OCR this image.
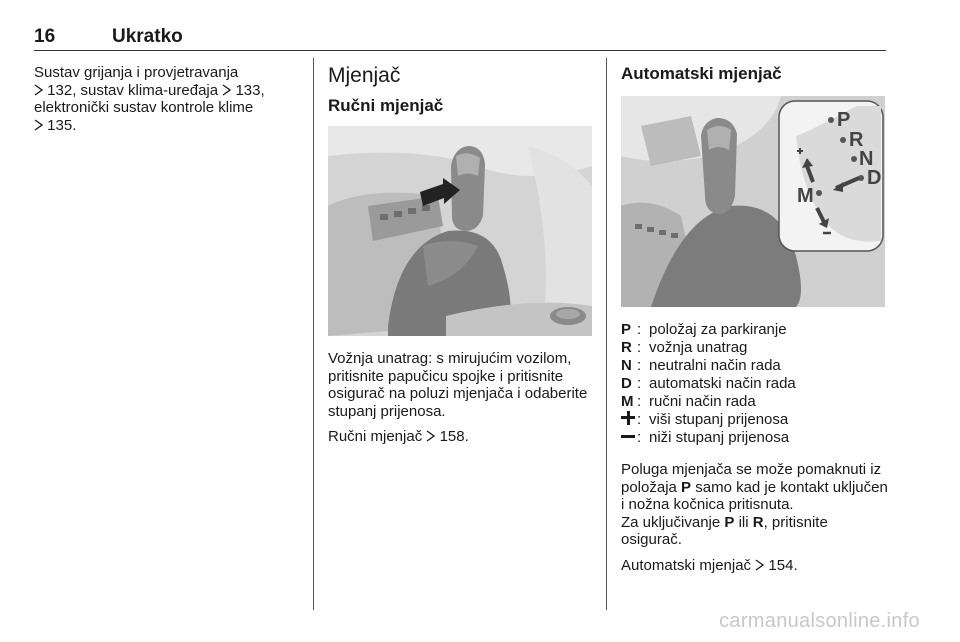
16	Ukratko

Sustav grijanja i provjetravanja
132, sustav klima-uređaja 133, elektronički sustav kontrole klime
135.

Mjenjač
Ručni mjenjač

Vožnja unatrag: s mirujućim vozilom, pritisnite papučicu spojke i pritisnite osigurač na poluzi mjenjača i odaberite stupanj prijenosa.

Ručni mjenjač 158.

Automatski mjenjač
P
R
N
D
M
P : položaj za parkiranje
R : vožnja unatrag
N : neutralni način rada
D : automatski način rada
M : ručni način rada
: viši stupanj prijenosa
: niži stupanj prijenosa

Poluga mjenjača se može pomaknuti iz položaja P samo kad je kontakt uključen i nožna kočnica pritisnuta.
Za uključivanje P ili R, pritisnite osigurač.

Automatski mjenjač 154.

carmanualsonline.info
